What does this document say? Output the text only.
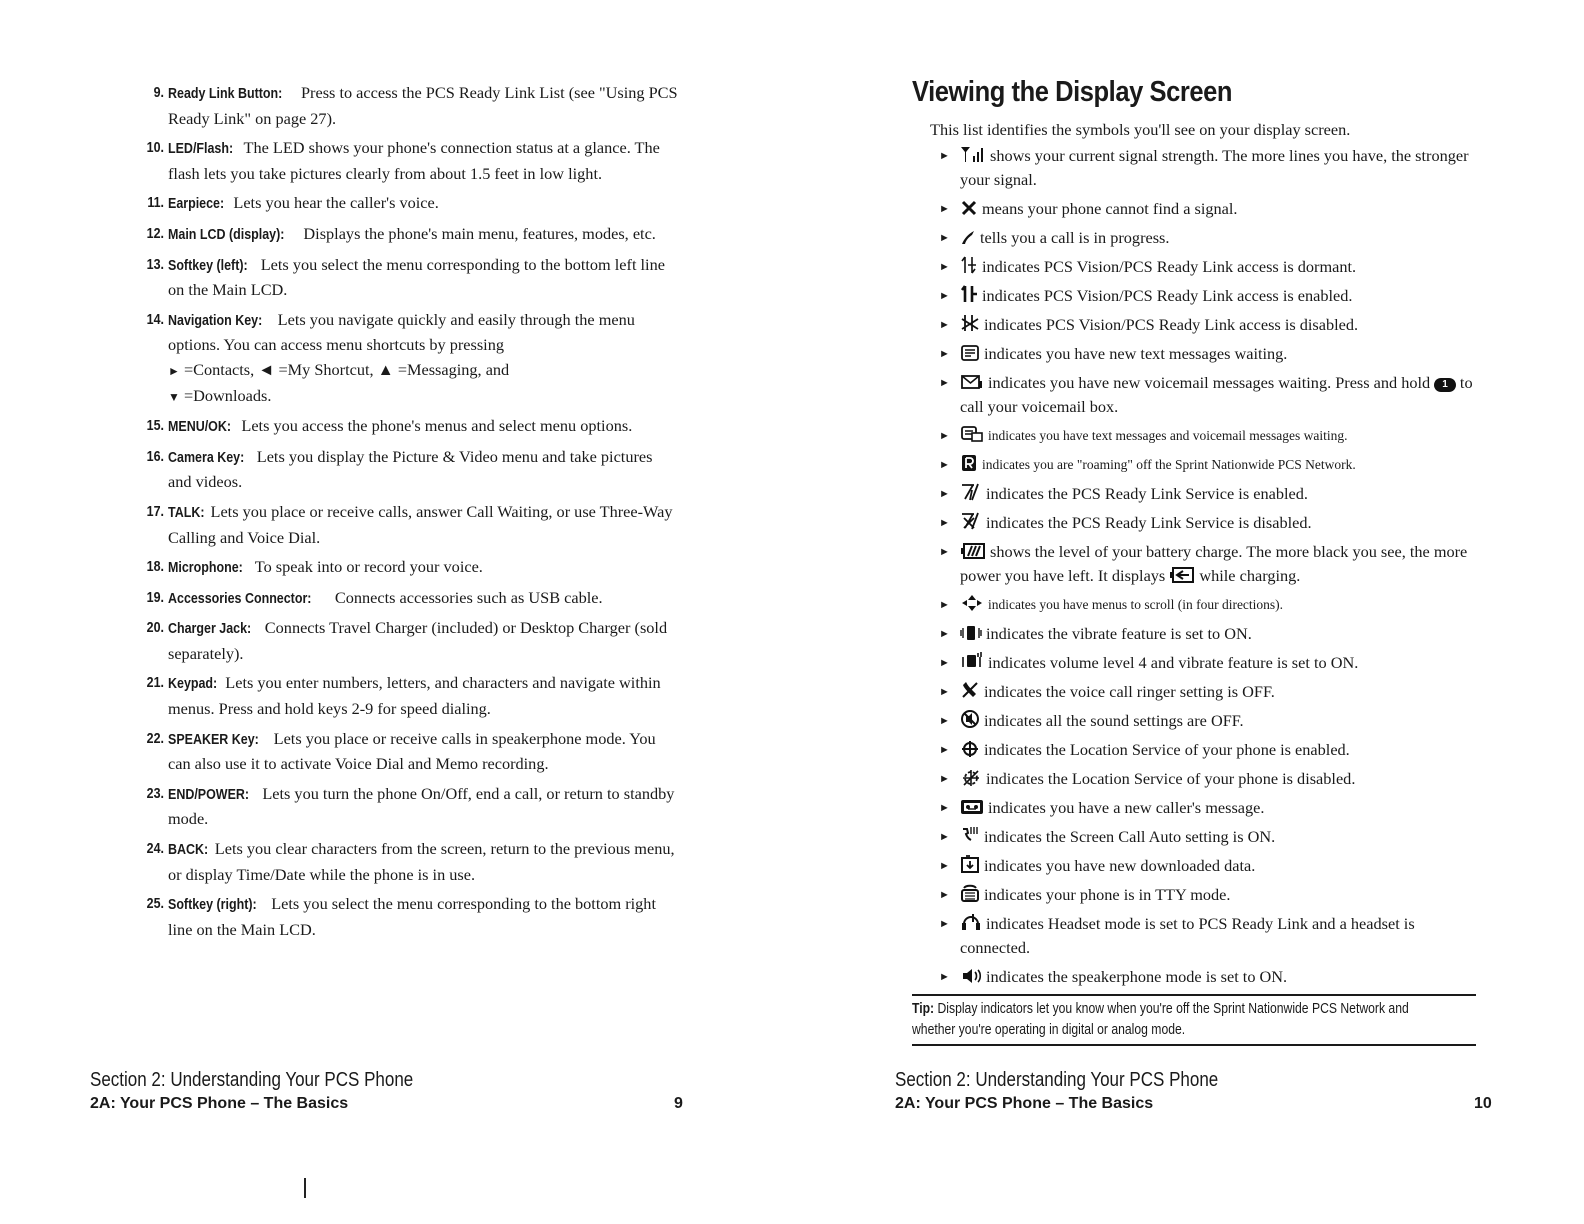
9. Ready Link Button: Press to access the PCS Ready Link List (see "Using PCS Ready Link" on page 27).
10. LED/Flash: The LED shows your phone's connection status at a glance. The flash lets you take pictures clearly from about 1.5 feet in low light.
11. Earpiece: Lets you hear the caller's voice.
12. Main LCD (display): Displays the phone's main menu, features, modes, etc.
13. Softkey (left): Lets you select the menu corresponding to the bottom left line on the Main LCD.
14. Navigation Key: Lets you navigate quickly and easily through the menu options. You can access menu shortcuts by pressing
► =Contacts, ◄ =My Shortcut, ▲ =Messaging, and
▼ =Downloads.
15. MENU/OK: Lets you access the phone's menus and select menu options.
16. Camera Key: Lets you display the Picture & Video menu and take pictures and videos.
17. TALK: Lets you place or receive calls, answer Call Waiting, or use Three-Way Calling and Voice Dial.
18. Microphone: To speak into or record your voice.
19. Accessories Connector: Connects accessories such as USB cable.
20. Charger Jack: Connects Travel Charger (included) or Desktop Charger (sold separately).
21. Keypad: Lets you enter numbers, letters, and characters and navigate within menus. Press and hold keys 2-9 for speed dialing.
22. SPEAKER Key: Lets you place or receive calls in speakerphone mode. You can also use it to activate Voice Dial and Memo recording.
23. END/POWER: Lets you turn the phone On/Off, end a call, or return to standby mode.
24. BACK: Lets you clear characters from the screen, return to the previous menu, or display Time/Date while the phone is in use.
25. Softkey (right): Lets you select the menu corresponding to the bottom right line on the Main LCD.
Section 2: Understanding Your PCS Phone
2A: Your PCS Phone – The Basics	9
Viewing the Display Screen
This list identifies the symbols you'll see on your display screen.
► shows your current signal strength. The more lines you have, the stronger your signal.
► means your phone cannot find a signal.
► tells you a call is in progress.
► indicates PCS Vision/PCS Ready Link access is dormant.
► indicates PCS Vision/PCS Ready Link access is enabled.
► indicates PCS Vision/PCS Ready Link access is disabled.
► indicates you have new text messages waiting.
► indicates you have new voicemail messages waiting. Press and hold 1 to call your voicemail box.
►	indicates you have text messages and voicemail messages waiting.
► indicates you are "roaming" off the Sprint Nationwide PCS Network.
► indicates the PCS Ready Link Service is enabled.
► indicates the PCS Ready Link Service is disabled.
► shows the level of your battery charge. The more black you see, the more power you have left. It displays while charging.
►	indicates you have menus to scroll (in four directions).
► indicates the vibrate feature is set to ON.
► indicates volume level 4 and vibrate feature is set to ON.
► indicates the voice call ringer setting is OFF.
► indicates all the sound settings are OFF.
► indicates the Location Service of your phone is enabled.
► indicates the Location Service of your phone is disabled.
► indicates you have a new caller's message.
► indicates the Screen Call Auto setting is ON.
► indicates you have new downloaded data.
► indicates your phone is in TTY mode.
► indicates Headset mode is set to PCS Ready Link and a headset is connected.
► indicates the speakerphone mode is set to ON.
Tip: Display indicators let you know when you're off the Sprint Nationwide PCS Network and whether you're operating in digital or analog mode.
Section 2: Understanding Your PCS Phone
2A: Your PCS Phone – The Basics	10
